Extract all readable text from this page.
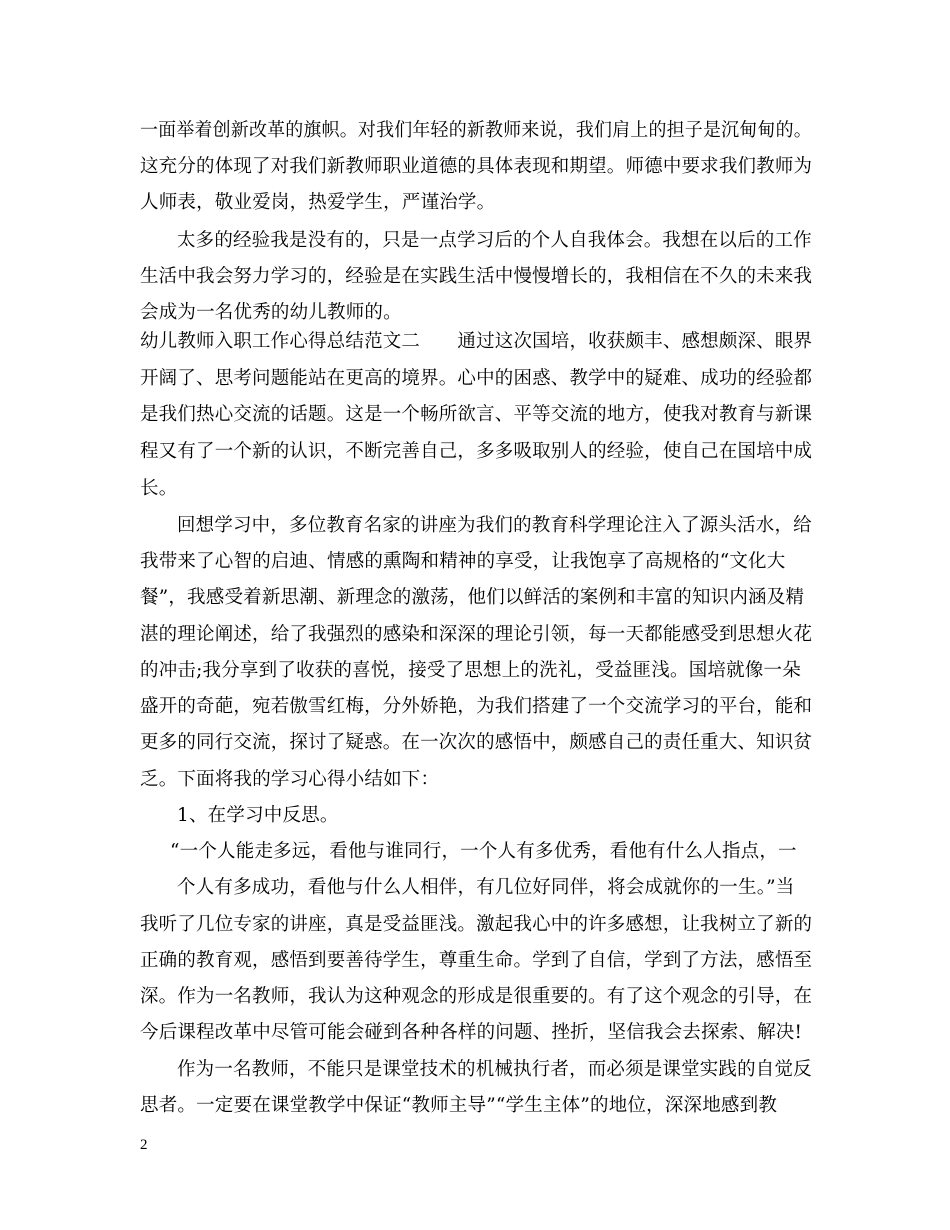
一面举着创新改革的旗帜。对我们年轻的新教师来说，我们肩上的担子是沉甸甸的。
这充分的体现了对我们新教师职业道德的具体表现和期望。师德中要求我们教师为
人师表，敬业爱岗，热爱学生，严谨治学。
太多的经验我是没有的，只是一点学习后的个人自我体会。我想在以后的工作
生活中我会努力学习的，经验是在实践生活中慢慢增长的，我相信在不久的未来我
会成为一名优秀的幼儿教师的。
幼儿教师入职工作心得总结范文二　　通过这次国培，收获颇丰、感想颇深、眼界
开阔了、思考问题能站在更高的境界。心中的困惑、教学中的疑难、成功的经验都
是我们热心交流的话题。这是一个畅所欲言、平等交流的地方，使我对教育与新课
程又有了一个新的认识，不断完善自己，多多吸取别人的经验，使自己在国培中成
长。
回想学习中，多位教育名家的讲座为我们的教育科学理论注入了源头活水，给
我带来了心智的启迪、情感的熏陶和精神的享受，让我饱享了高规格的“文化大
餐”，我感受着新思潮、新理念的激荡，他们以鲜活的案例和丰富的知识内涵及精
湛的理论阐述，给了我强烈的感染和深深的理论引领，每一天都能感受到思想火花
的冲击;我分享到了收获的喜悦，接受了思想上的洗礼，受益匪浅。国培就像一朵
盛开的奇葩，宛若傲雪红梅，分外娇艳，为我们搭建了一个交流学习的平台，能和
更多的同行交流，探讨了疑惑。在一次次的感悟中，颇感自己的责任重大、知识贫
乏。下面将我的学习心得小结如下：
1、在学习中反思。
“一个人能走多远，看他与谁同行，一个人有多优秀，看他有什么人指点，一
个人有多成功，看他与什么人相伴，有几位好同伴，将会成就你的一生。”当
我听了几位专家的讲座，真是受益匪浅。激起我心中的许多感想，让我树立了新的
正确的教育观，感悟到要善待学生，尊重生命。学到了自信，学到了方法，感悟至
深。作为一名教师，我认为这种观念的形成是很重要的。有了这个观念的引导，在
今后课程改革中尽管可能会碰到各种各样的问题、挫折，坚信我会去探索、解决!
作为一名教师，不能只是课堂技术的机械执行者，而必须是课堂实践的自觉反
思者。一定要在课堂教学中保证“教师主导”“学生主体”的地位，深深地感到教
2
